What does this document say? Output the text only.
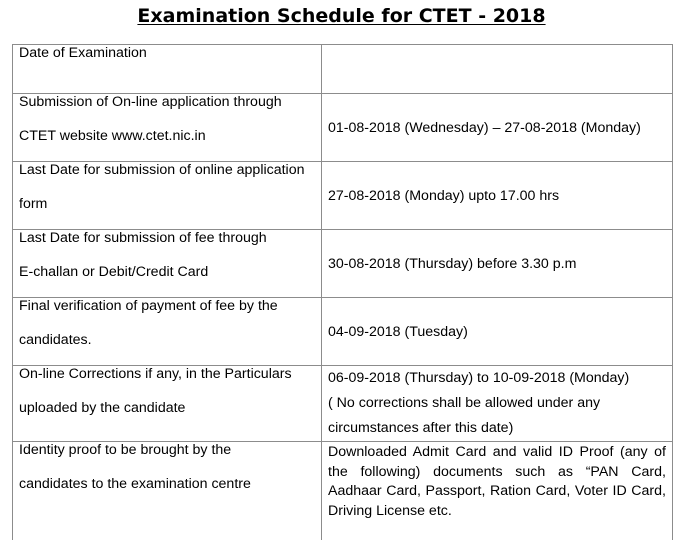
Examination Schedule for CTET - 2018
Date of Examination	

Submission of On-line application through
CTET website www.ctet.nic.in	01-08-2018 (Wednesday) – 27-08-2018 (Monday)

Last Date for submission of online application
form	27-08-2018 (Monday) upto 17.00 hrs

Last Date for submission of fee through
E-challan or Debit/Credit Card	30-08-2018 (Thursday) before 3.30 p.m

Final verification of payment of fee by the
candidates.	04-09-2018 (Tuesday)

On-line Corrections if any, in the Particulars
uploaded by the candidate	06-09-2018 (Thursday) to 10-09-2018 (Monday)
( No corrections shall be allowed under any
circumstances after this date)

Identity proof to be brought by the
candidates to the examination centre	Downloaded Admit Card and valid ID Proof (any of the following) documents such as “PAN Card, Aadhaar Card, Passport, Ration Card, Voter ID Card, Driving License etc.
